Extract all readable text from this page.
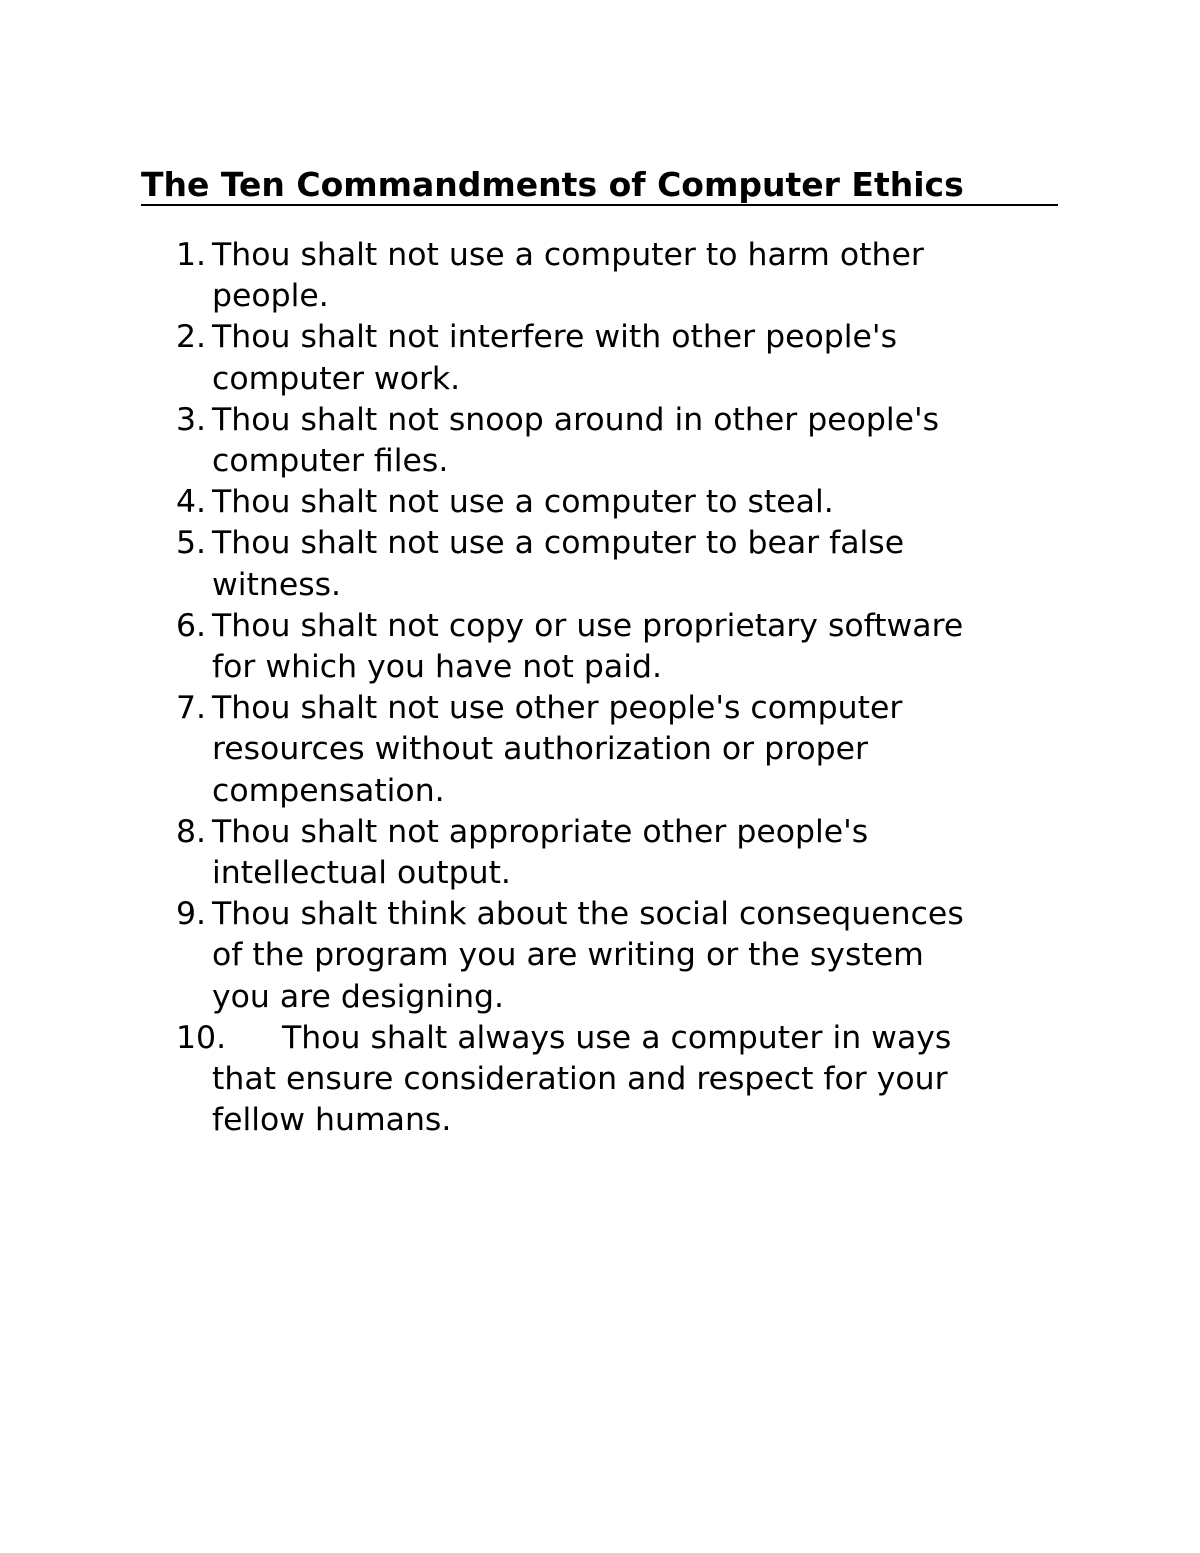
The Ten Commandments of Computer Ethics
1. Thou shalt not use a computer to harm other
people.
2. Thou shalt not interfere with other people's
computer work.
3. Thou shalt not snoop around in other people's
computer files.
4. Thou shalt not use a computer to steal.
5. Thou shalt not use a computer to bear false
witness.
6. Thou shalt not copy or use proprietary software
for which you have not paid.
7. Thou shalt not use other people's computer
resources without authorization or proper
compensation.
8. Thou shalt not appropriate other people's
intellectual output.
9. Thou shalt think about the social consequences
of the program you are writing or the system
you are designing.
10.	Thou shalt always use a computer in ways
that ensure consideration and respect for your
fellow humans.
